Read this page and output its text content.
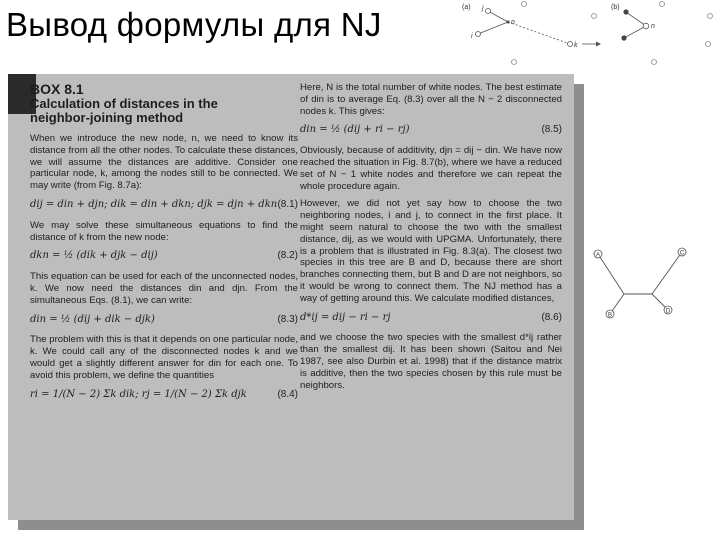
Вывод формулы для NJ	(a) j
i
n
k
(b)
n
A
B
C
D

BOX 8.1

Calculation of distances in the
neighbor-joining method

When we introduce the new node, n, we need to know its distance from all the other nodes. To calculate these distances, we will assume the distances are additive. Consider one particular node, k, among the nodes still to be connected. We may write (from Fig. 8.7a):

dij = din + djn; dik = din + dkn; djk = djn + dkn (8.1)

We may solve these simultaneous equations to find the distance of k from the new node:

dkn = ½ (dik + djk − dij)	(8.2)

This equation can be used for each of the unconnected nodes, k. We now need the distances din and djn. From the simultaneous Eqs. (8.1), we can write:

din = ½ (dij + dik − djk)	(8.3)

The problem with this is that it depends on one particular node, k. We could call any of the disconnected nodes k and we would get a slightly different answer for din for each one. To avoid this problem, we define the quantities

ri = 1/(N − 2) Σk dik; rj = 1/(N − 2) Σk djk	(8.4)

Here, N is the total number of white nodes. The best estimate of din is to average Eq. (8.3) over all the N − 2 disconnected nodes k. This gives:

din = ½ (dij + ri − rj)	(8.5)

Obviously, because of additivity, djn = dij − din. We have now reached the situation in Fig. 8.7(b), where we have a reduced set of N − 1 white nodes and therefore we can repeat the whole procedure again.

However, we did not yet say how to choose the two neighboring nodes, i and j, to connect in the first place. It might seem natural to choose the two with the smallest distance, dij, as we would with UPGMA. Unfortunately, there is a problem that is illustrated in Fig. 8.3(a). The closest two species in this tree are B and D, because there are short branches connecting them, but B and D are not neighbors, so it would be wrong to connect them. The NJ method has a way of getting around this. We calculate modified distances,

d*ij = dij − ri − rj	(8.6)

and we choose the two species with the smallest d*ij rather than the smallest dij. It has been shown (Saitou and Nei 1987, see also Durbin et al. 1998) that if the distance matrix is additive, then the two species chosen by this rule must be neighbors.
